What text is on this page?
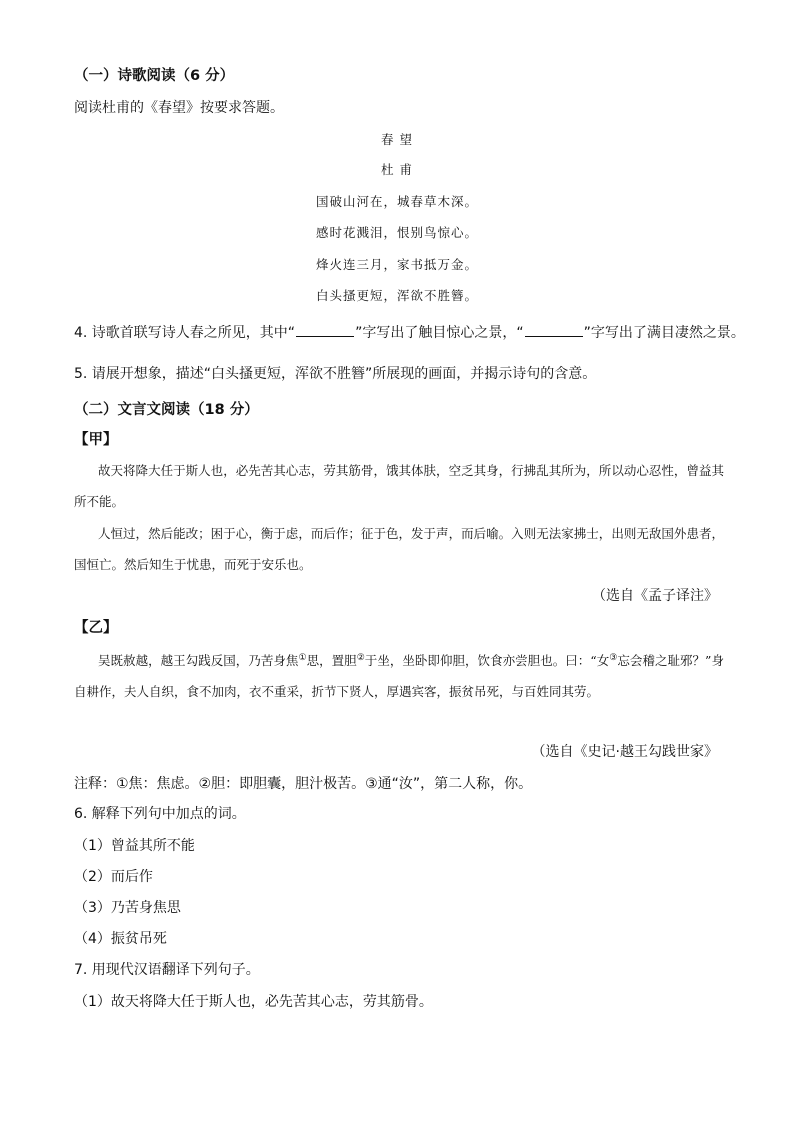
（一）诗歌阅读（6 分）
阅读杜甫的《春望》按要求答题。
春 望
杜 甫
国破山河在，城春草木深。
感时花溅泪，恨别鸟惊心。
烽火连三月，家书抵万金。
白头搔更短，浑欲不胜簪。
4. 诗歌首联写诗人春之所见，其中“	”字写出了触目惊心之景，“	”字写出了满目凄然之景。
5. 请展开想象，描述“白头搔更短，浑欲不胜簪”所展现的画面，并揭示诗句的含意。
（二）文言文阅读（18 分）
【甲】
故天将降大任于斯人也，必先苦其心志，劳其筋骨，饿其体肤，空乏其身，行拂乱其所为，所以动心忍性，曾益其所不能。
人恒过，然后能改；困于心，衡于虑，而后作；征于色，发于声，而后喻。入则无法家拂士，出则无敌国外患者，国恒亡。然后知生于忧患，而死于安乐也。
（选自《孟子译注》
【乙】
吴既赦越，越王勾践反国，乃苦身焦①思，置胆②于坐，坐卧即仰胆，饮食亦尝胆也。曰：“女③忘会稽之耻邪？”身自耕作，夫人自织，食不加肉，衣不重采，折节下贤人，厚遇宾客，振贫吊死，与百姓同其劳。
（选自《史记·越王勾践世家》
注释：①焦：焦虑。②胆：即胆囊，胆汁极苦。③通“汝”，第二人称，你。
6. 解释下列句中加点的词。
（1）曾益其所不能
（2）而后作
（3）乃苦身焦思
（4）振贫吊死
7. 用现代汉语翻译下列句子。
（1）故天将降大任于斯人也，必先苦其心志，劳其筋骨。
